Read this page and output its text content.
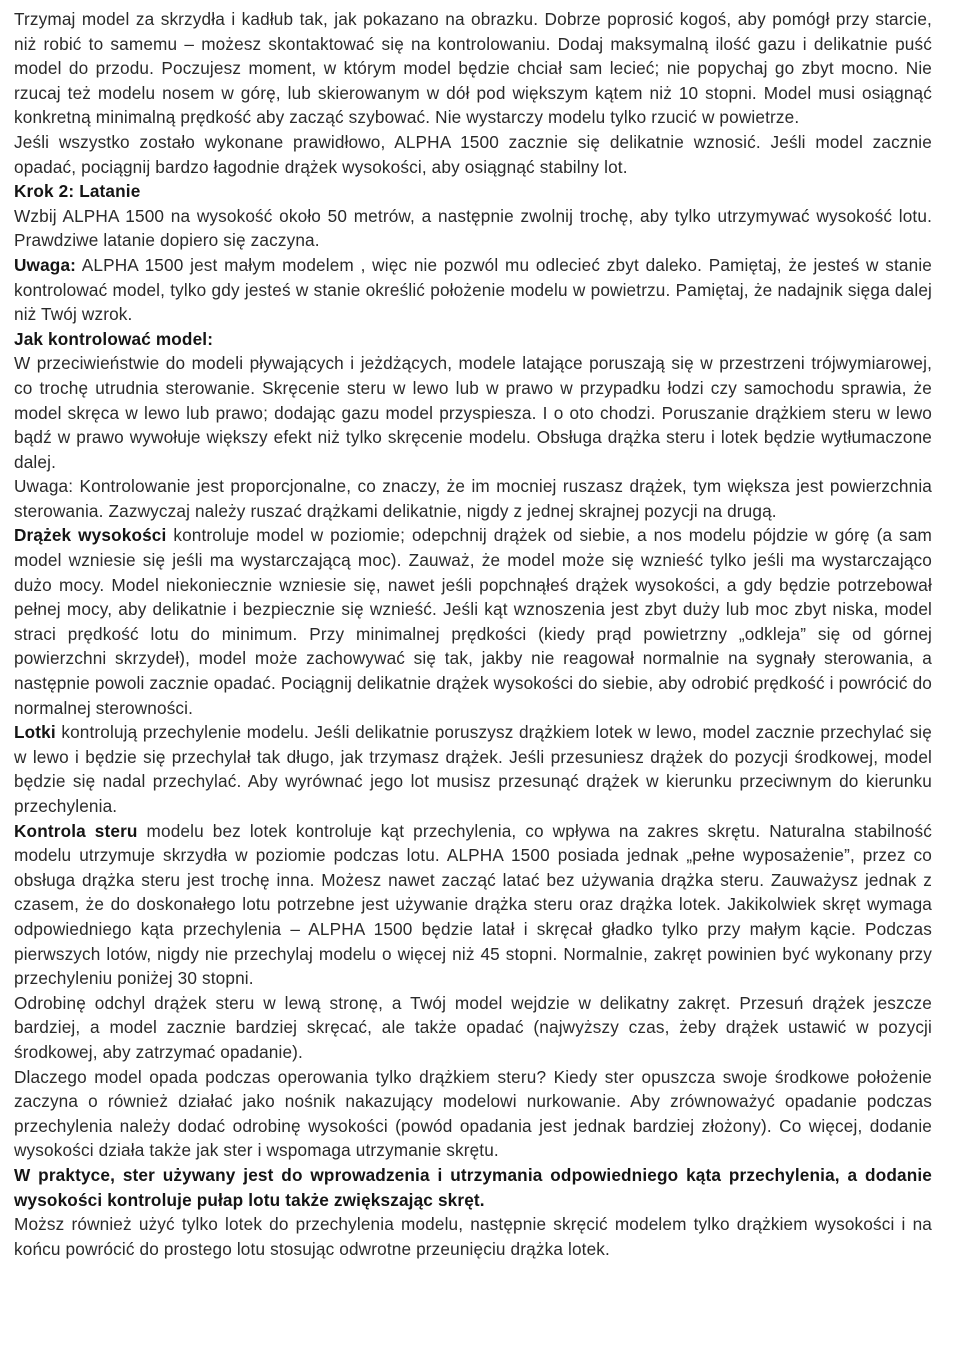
Trzymaj model za skrzydła i kadłub tak, jak pokazano na obrazku. Dobrze poprosić kogoś, aby pomógł przy starcie, niż robić to samemu – możesz skontaktować się na kontrolowaniu. Dodaj maksymalną ilość gazu i delikatnie puść model do przodu. Poczujesz moment, w którym model będzie chciał sam lecieć; nie popychaj go zbyt mocno. Nie rzucaj też modelu nosem w górę, lub skierowanym w dół pod większym kątem niż 10 stopni. Model musi osiągnąć konkretną minimalną prędkość aby zacząć szybować. Nie wystarczy modelu tylko rzucić w powietrze.

Jeśli wszystko zostało wykonane prawidłowo, ALPHA 1500 zacznie się delikatnie wznosić. Jeśli model zacznie opadać, pociągnij bardzo łagodnie drążek wysokości, aby osiągnąć stabilny lot.

Krok 2: Latanie

Wzbij ALPHA 1500 na wysokość około 50 metrów, a następnie zwolnij trochę, aby tylko utrzymywać wysokość lotu. Prawdziwe latanie dopiero się zaczyna.

Uwaga: ALPHA 1500 jest małym modelem , więc nie pozwól mu odlecieć zbyt daleko. Pamiętaj, że jesteś w stanie kontrolować model, tylko gdy jesteś w stanie określić położenie modelu w powietrzu. Pamiętaj, że nadajnik sięga dalej niż Twój wzrok.

Jak kontrolować model:

W przeciwieństwie do modeli pływających i jeżdżących, modele latające poruszają się w przestrzeni trójwymiarowej, co trochę utrudnia sterowanie. Skręcenie steru w lewo lub w prawo w przypadku łodzi czy samochodu sprawia, że model skręca w lewo lub prawo; dodając gazu model przyspiesza. I o oto chodzi. Poruszanie drążkiem steru w lewo bądź w prawo wywołuje większy efekt niż tylko skręcenie modelu. Obsługa drążka steru i lotek będzie wytłumaczone dalej.

Uwaga: Kontrolowanie jest proporcjonalne, co znaczy, że im mocniej ruszasz drążek, tym większa jest powierzchnia sterowania. Zazwyczaj należy ruszać drążkami delikatnie, nigdy z jednej skrajnej pozycji na drugą.

Drążek wysokości kontroluje model w poziomie; odepchnij drążek od siebie, a nos modelu pójdzie w górę (a sam model wzniesie się jeśli ma wystarczającą moc). Zauważ, że model może się wznieść tylko jeśli ma wystarczająco dużo mocy. Model niekoniecznie wzniesie się, nawet jeśli popchnąłeś drążek wysokości, a gdy będzie potrzebował pełnej mocy, aby delikatnie i bezpiecznie się wznieść. Jeśli kąt wznoszenia jest zbyt duży lub moc zbyt niska, model straci prędkość lotu do minimum. Przy minimalnej prędkości (kiedy prąd powietrzny „odkleja” się od górnej powierzchni skrzydeł), model może zachowywać się tak, jakby nie reagował normalnie na sygnały sterowania, a następnie powoli zacznie opadać. Pociągnij delikatnie drążek wysokości do siebie, aby odrobić prędkość i powrócić do normalnej sterowności.

Lotki kontrolują przechylenie modelu. Jeśli delikatnie poruszysz drążkiem lotek w lewo, model zacznie przechylać się w lewo i będzie się przechylał tak długo, jak trzymasz drążek. Jeśli przesuniesz drążek do pozycji środkowej, model będzie się nadal przechylać. Aby wyrównać jego lot musisz przesunąć drążek w kierunku przeciwnym do kierunku przechylenia.

Kontrola steru modelu bez lotek kontroluje kąt przechylenia, co wpływa na zakres skrętu. Naturalna stabilność modelu utrzymuje skrzydła w poziomie podczas lotu. ALPHA 1500 posiada jednak „pełne wyposażenie”, przez co obsługa drążka steru jest trochę inna. Możesz nawet zacząć latać bez używania drążka steru. Zauważysz jednak z czasem, że do doskonałego lotu potrzebne jest używanie drążka steru oraz drążka lotek. Jakikolwiek skręt wymaga odpowiedniego kąta przechylenia – ALPHA 1500 będzie latał i skręcał gładko tylko przy małym kącie. Podczas pierwszych lotów, nigdy nie przechylaj modelu o więcej niż 45 stopni. Normalnie, zakręt powinien być wykonany przy przechyleniu poniżej 30 stopni.

Odrobinę odchyl drążek steru w lewą stronę, a Twój model wejdzie w delikatny zakręt. Przesuń drążek jeszcze bardziej, a model zacznie bardziej skręcać, ale także opadać (najwyższy czas, żeby drążek ustawić w pozycji środkowej, aby zatrzymać opadanie).

Dlaczego model opada podczas operowania tylko drążkiem steru? Kiedy ster opuszcza swoje środkowe położenie zaczyna o również działać jako nośnik nakazujący modelowi nurkowanie. Aby zrównoważyć opadanie podczas przechylenia należy dodać odrobinę wysokości (powód opadania jest jednak bardziej złożony). Co więcej, dodanie wysokości działa także jak ster i wspomaga utrzymanie skrętu.

W praktyce, ster używany jest do wprowadzenia i utrzymania odpowiedniego kąta przechylenia, a dodanie wysokości kontroluje pułap lotu także zwiększając skręt.

Moższ również użyć tylko lotek do przechylenia modelu, następnie skręcić modelem tylko drążkiem wysokości i na końcu powrócić do prostego lotu stosując odwrotne przeunięciu drążka lotek.
